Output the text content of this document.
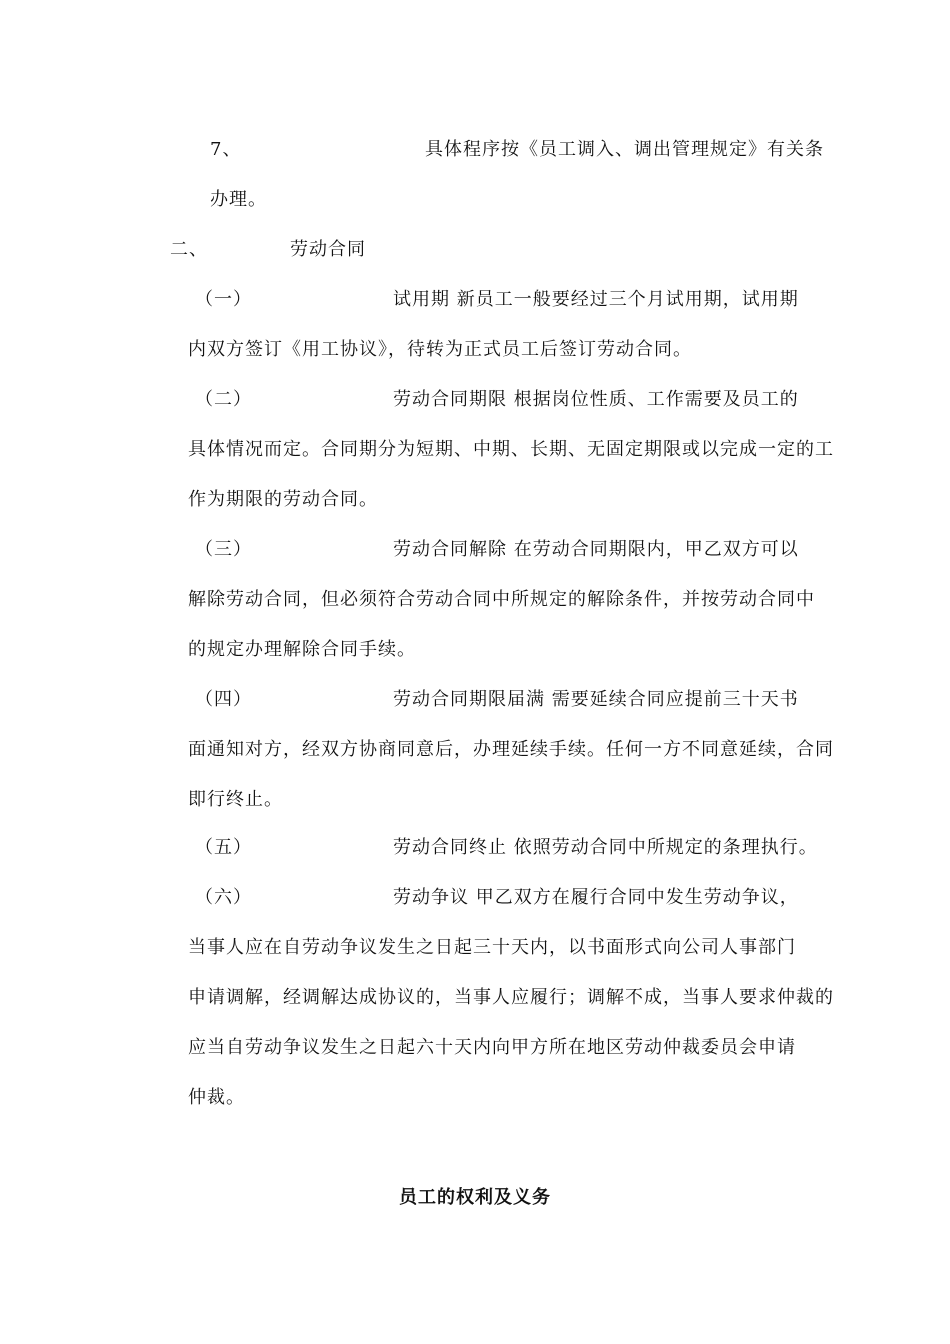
7、	具体程序按《员工调入、调出管理规定》有关条
办理。
二、	劳动合同
（一）	试用期 新员工一般要经过三个月试用期，试用期
内双方签订《用工协议》，待转为正式员工后签订劳动合同。
（二）	劳动合同期限 根据岗位性质、工作需要及员工的
具体情况而定。合同期分为短期、中期、长期、无固定期限或以完成一定的工
作为期限的劳动合同。
（三）	劳动合同解除 在劳动合同期限内，甲乙双方可以
解除劳动合同，但必须符合劳动合同中所规定的解除条件，并按劳动合同中
的规定办理解除合同手续。
（四）	劳动合同期限届满 需要延续合同应提前三十天书
面通知对方，经双方协商同意后，办理延续手续。任何一方不同意延续，合同
即行终止。
（五）	劳动合同终止 依照劳动合同中所规定的条理执行。
（六）	劳动争议 甲乙双方在履行合同中发生劳动争议，
当事人应在自劳动争议发生之日起三十天内，以书面形式向公司人事部门
申请调解，经调解达成协议的，当事人应履行；调解不成，当事人要求仲裁的
应当自劳动争议发生之日起六十天内向甲方所在地区劳动仲裁委员会申请
仲裁。
员工的权利及义务
